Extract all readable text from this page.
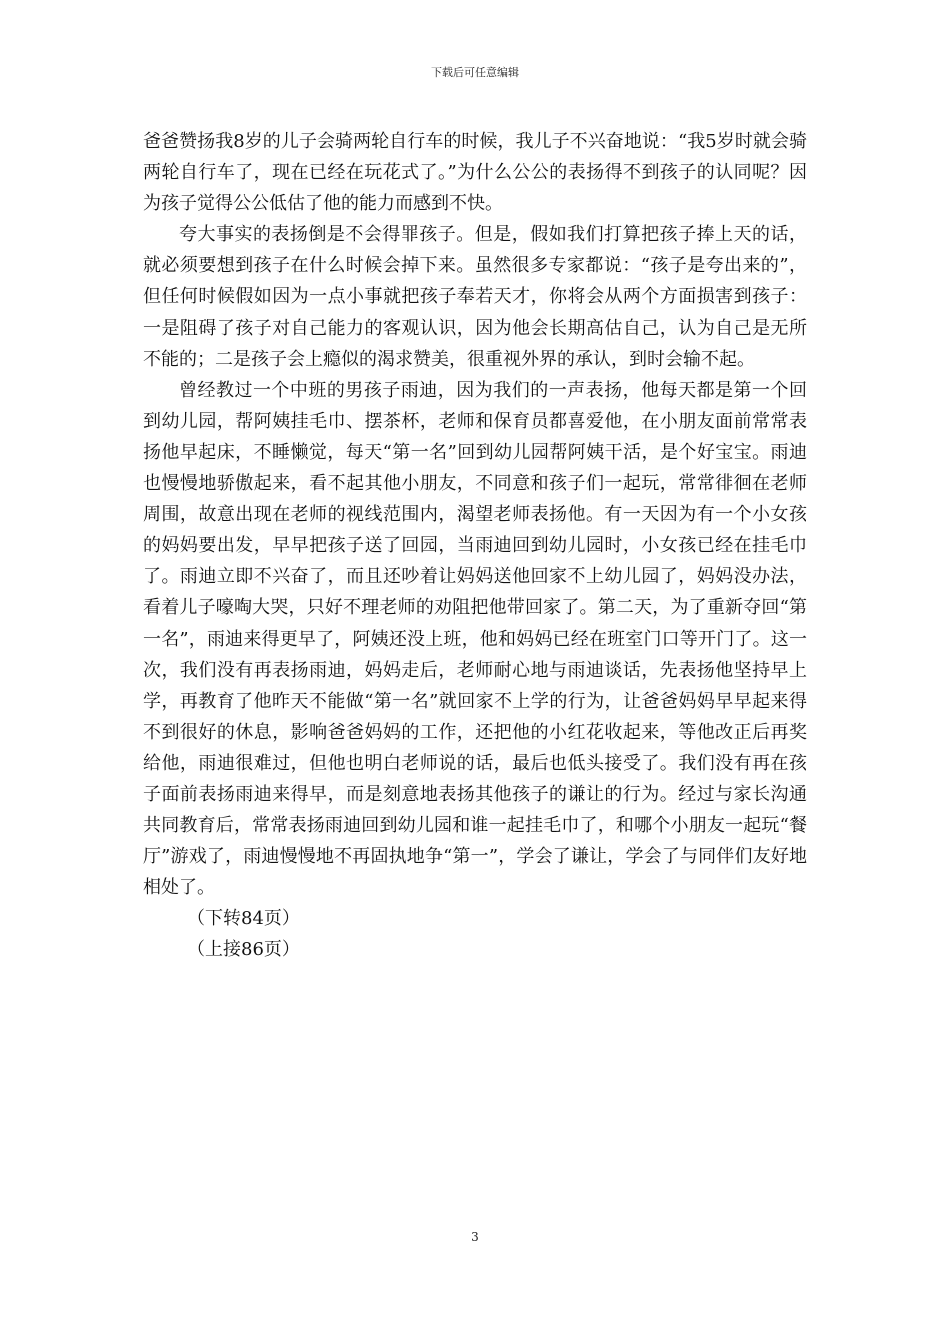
下载后可任意编辑

爸爸赞扬我8岁的儿子会骑两轮自行车的时候，我儿子不兴奋地说：“我5岁时就会骑两轮自行车了，现在已经在玩花式了。”为什么公公的表扬得不到孩子的认同呢？因为孩子觉得公公低估了他的能力而感到不快。

夸大事实的表扬倒是不会得罪孩子。但是，假如我们打算把孩子捧上天的话，就必须要想到孩子在什么时候会掉下来。虽然很多专家都说：“孩子是夸出来的”，但任何时候假如因为一点小事就把孩子奉若天才，你将会从两个方面损害到孩子：一是阻碍了孩子对自己能力的客观认识，因为他会长期高估自己，认为自己是无所不能的；二是孩子会上瘾似的渴求赞美，很重视外界的承认，到时会输不起。

曾经教过一个中班的男孩子雨迪，因为我们的一声表扬，他每天都是第一个回到幼儿园，帮阿姨挂毛巾、摆茶杯，老师和保育员都喜爱他，在小朋友面前常常表扬他早起床，不睡懒觉，每天“第一名”回到幼儿园帮阿姨干活，是个好宝宝。雨迪也慢慢地骄傲起来，看不起其他小朋友，不同意和孩子们一起玩，常常徘徊在老师周围，故意出现在老师的视线范围内，渴望老师表扬他。有一天因为有一个小女孩的妈妈要出发，早早把孩子送了回园，当雨迪回到幼儿园时，小女孩已经在挂毛巾了。雨迪立即不兴奋了，而且还吵着让妈妈送他回家不上幼儿园了，妈妈没办法，看着儿子嚎啕大哭，只好不理老师的劝阻把他带回家了。第二天，为了重新夺回“第一名”，雨迪来得更早了，阿姨还没上班，他和妈妈已经在班室门口等开门了。这一次，我们没有再表扬雨迪，妈妈走后，老师耐心地与雨迪谈话，先表扬他坚持早上学，再教育了他昨天不能做“第一名”就回家不上学的行为，让爸爸妈妈早早起来得不到很好的休息，影响爸爸妈妈的工作，还把他的小红花收起来，等他改正后再奖给他，雨迪很难过，但他也明白老师说的话，最后也低头接受了。我们没有再在孩子面前表扬雨迪来得早，而是刻意地表扬其他孩子的谦让的行为。经过与家长沟通共同教育后，常常表扬雨迪回到幼儿园和谁一起挂毛巾了，和哪个小朋友一起玩“餐厅”游戏了，雨迪慢慢地不再固执地争“第一”，学会了谦让，学会了与同伴们友好地相处了。

（下转84页）

（上接86页）

3
